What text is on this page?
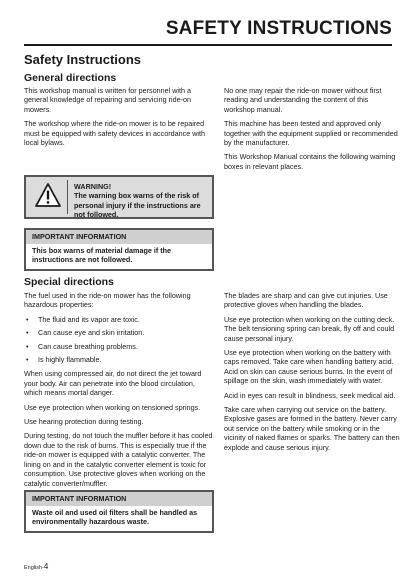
SAFETY INSTRUCTIONS
Safety Instructions
General directions

This workshop manual is written for personnel with a general knowledge of repairing and servicing ride-on mowers.

The workshop where the ride-on mower is to be repaired must be equipped with safety devices in accordance with local bylaws.

No one may repair the ride-on mower without first reading and understanding the content of this workshop manual.

This machine has been tested and approved only together with the equipment supplied or recommended by the manufacturer.

This Workshop Manual contains the following warning boxes in relevant places.

WARNING!
The warning box warns of the risk of personal injury if the instructions are not followed.
IMPORTANT INFORMATION
This box warns of material damage if the instructions are not followed.
Special directions

The fuel used in the ride-on mower has the following hazardous properties:

• The fluid and its vapor are toxic.
• Can cause eye and skin irritation.
• Can cause breathing problems.
• Is highly flammable.

When using compressed air, do not direct the jet toward your body. Air can penetrate into the blood circulation, which means mortal danger.

Use eye protection when working on tensioned springs.

Use hearing protection during testing.

During testing, do not touch the muffler before it has cooled down due to the risk of burns. This is especially true if the ride-on mower is equipped with a catalytic converter. The lining on and in the catalytic converter element is toxic for consumption. Use protective gloves when working on the catalytic converter/muffler.

The blades are sharp and can give cut injuries. Use protective gloves when handling the blades.

Use eye protection when working on the cutting deck. The belt tensioning spring can break, fly off and could cause personal injury.

Use eye protection when working on the battery with caps removed. Take care when handling battery acid. Acid on skin can cause serious burns. In the event of spillage on the skin, wash immediately with water.

Acid in eyes can result in blindness, seek medical aid.

Take care when carrying out service on the battery. Explosive gases are formed in the battery. Never carry out service on the battery while smoking or in the vicinity of naked flames or sparks. The battery can then explode and cause serious injury.

IMPORTANT INFORMATION
Waste oil and used oil filters shall be handled as environmentally hazardous waste.
English-4
